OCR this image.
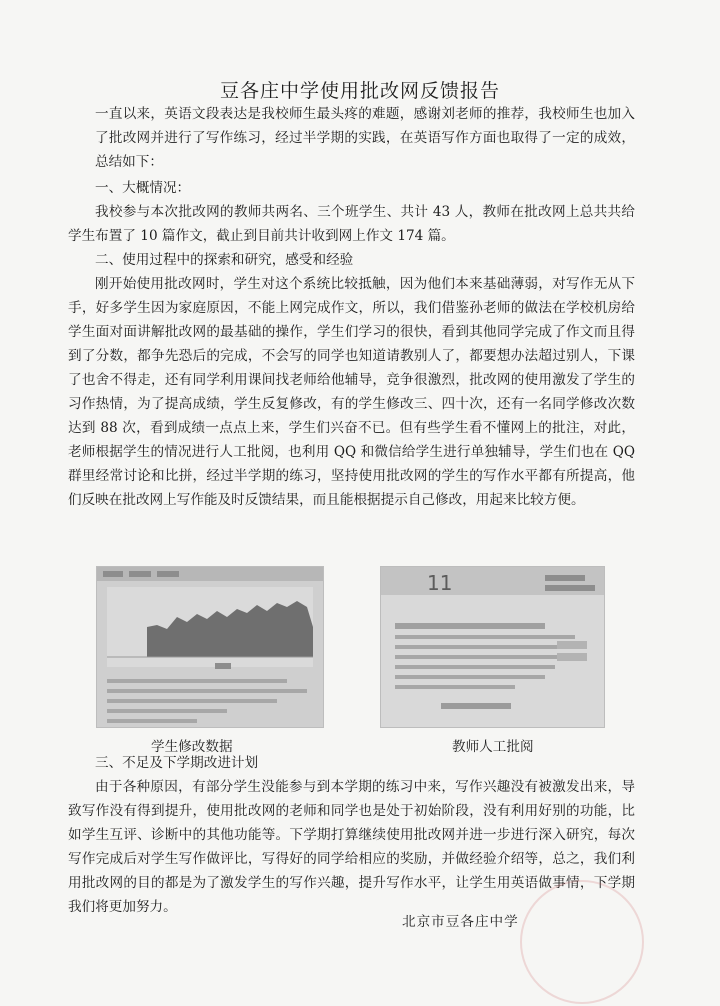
豆各庄中学使用批改网反馈报告

一直以来，英语文段表达是我校师生最头疼的难题，感谢刘老师的推荐，我校师生也加入了批改网并进行了写作练习，经过半学期的实践，在英语写作方面也取得了一定的成效，总结如下：

一、大概情况：

我校参与本次批改网的教师共两名、三个班学生、共计 43 人，教师在批改网上总共共给学生布置了 10 篇作文，截止到目前共计收到网上作文 174 篇。

二、使用过程中的探索和研究，感受和经验

刚开始使用批改网时，学生对这个系统比较抵触，因为他们本来基础薄弱，对写作无从下手，好多学生因为家庭原因，不能上网完成作文，所以，我们借鉴孙老师的做法在学校机房给学生面对面讲解批改网的最基础的操作，学生们学习的很快，看到其他同学完成了作文而且得到了分数，都争先恐后的完成，不会写的同学也知道请教别人了，都要想办法超过别人，下课了也舍不得走，还有同学利用课间找老师给他辅导，竞争很激烈，批改网的使用激发了学生的习作热情，为了提高成绩，学生反复修改，有的学生修改三、四十次，还有一名同学修改次数达到 88 次，看到成绩一点点上来，学生们兴奋不已。但有些学生看不懂网上的批注，对此，老师根据学生的情况进行人工批阅，也利用 QQ 和微信给学生进行单独辅导，学生们也在 QQ 群里经常讨论和比拼，经过半学期的练习，坚持使用批改网的学生的写作水平都有所提高，他们反映在批改网上写作能及时反馈结果，而且能根据提示自己修改，用起来比较方便。

学生修改数据
11
教师人工批阅
三、不足及下学期改进计划

由于各种原因，有部分学生没能参与到本学期的练习中来，写作兴趣没有被激发出来，导致写作没有得到提升，使用批改网的老师和同学也是处于初始阶段，没有利用好别的功能，比如学生互评、诊断中的其他功能等。下学期打算继续使用批改网并进一步进行深入研究，每次写作完成后对学生写作做评比，写得好的同学给相应的奖励，并做经验介绍等，总之，我们利用批改网的目的都是为了激发学生的写作兴趣，提升写作水平，让学生用英语做事情，下学期我们将更加努力。

北京市豆各庄中学
